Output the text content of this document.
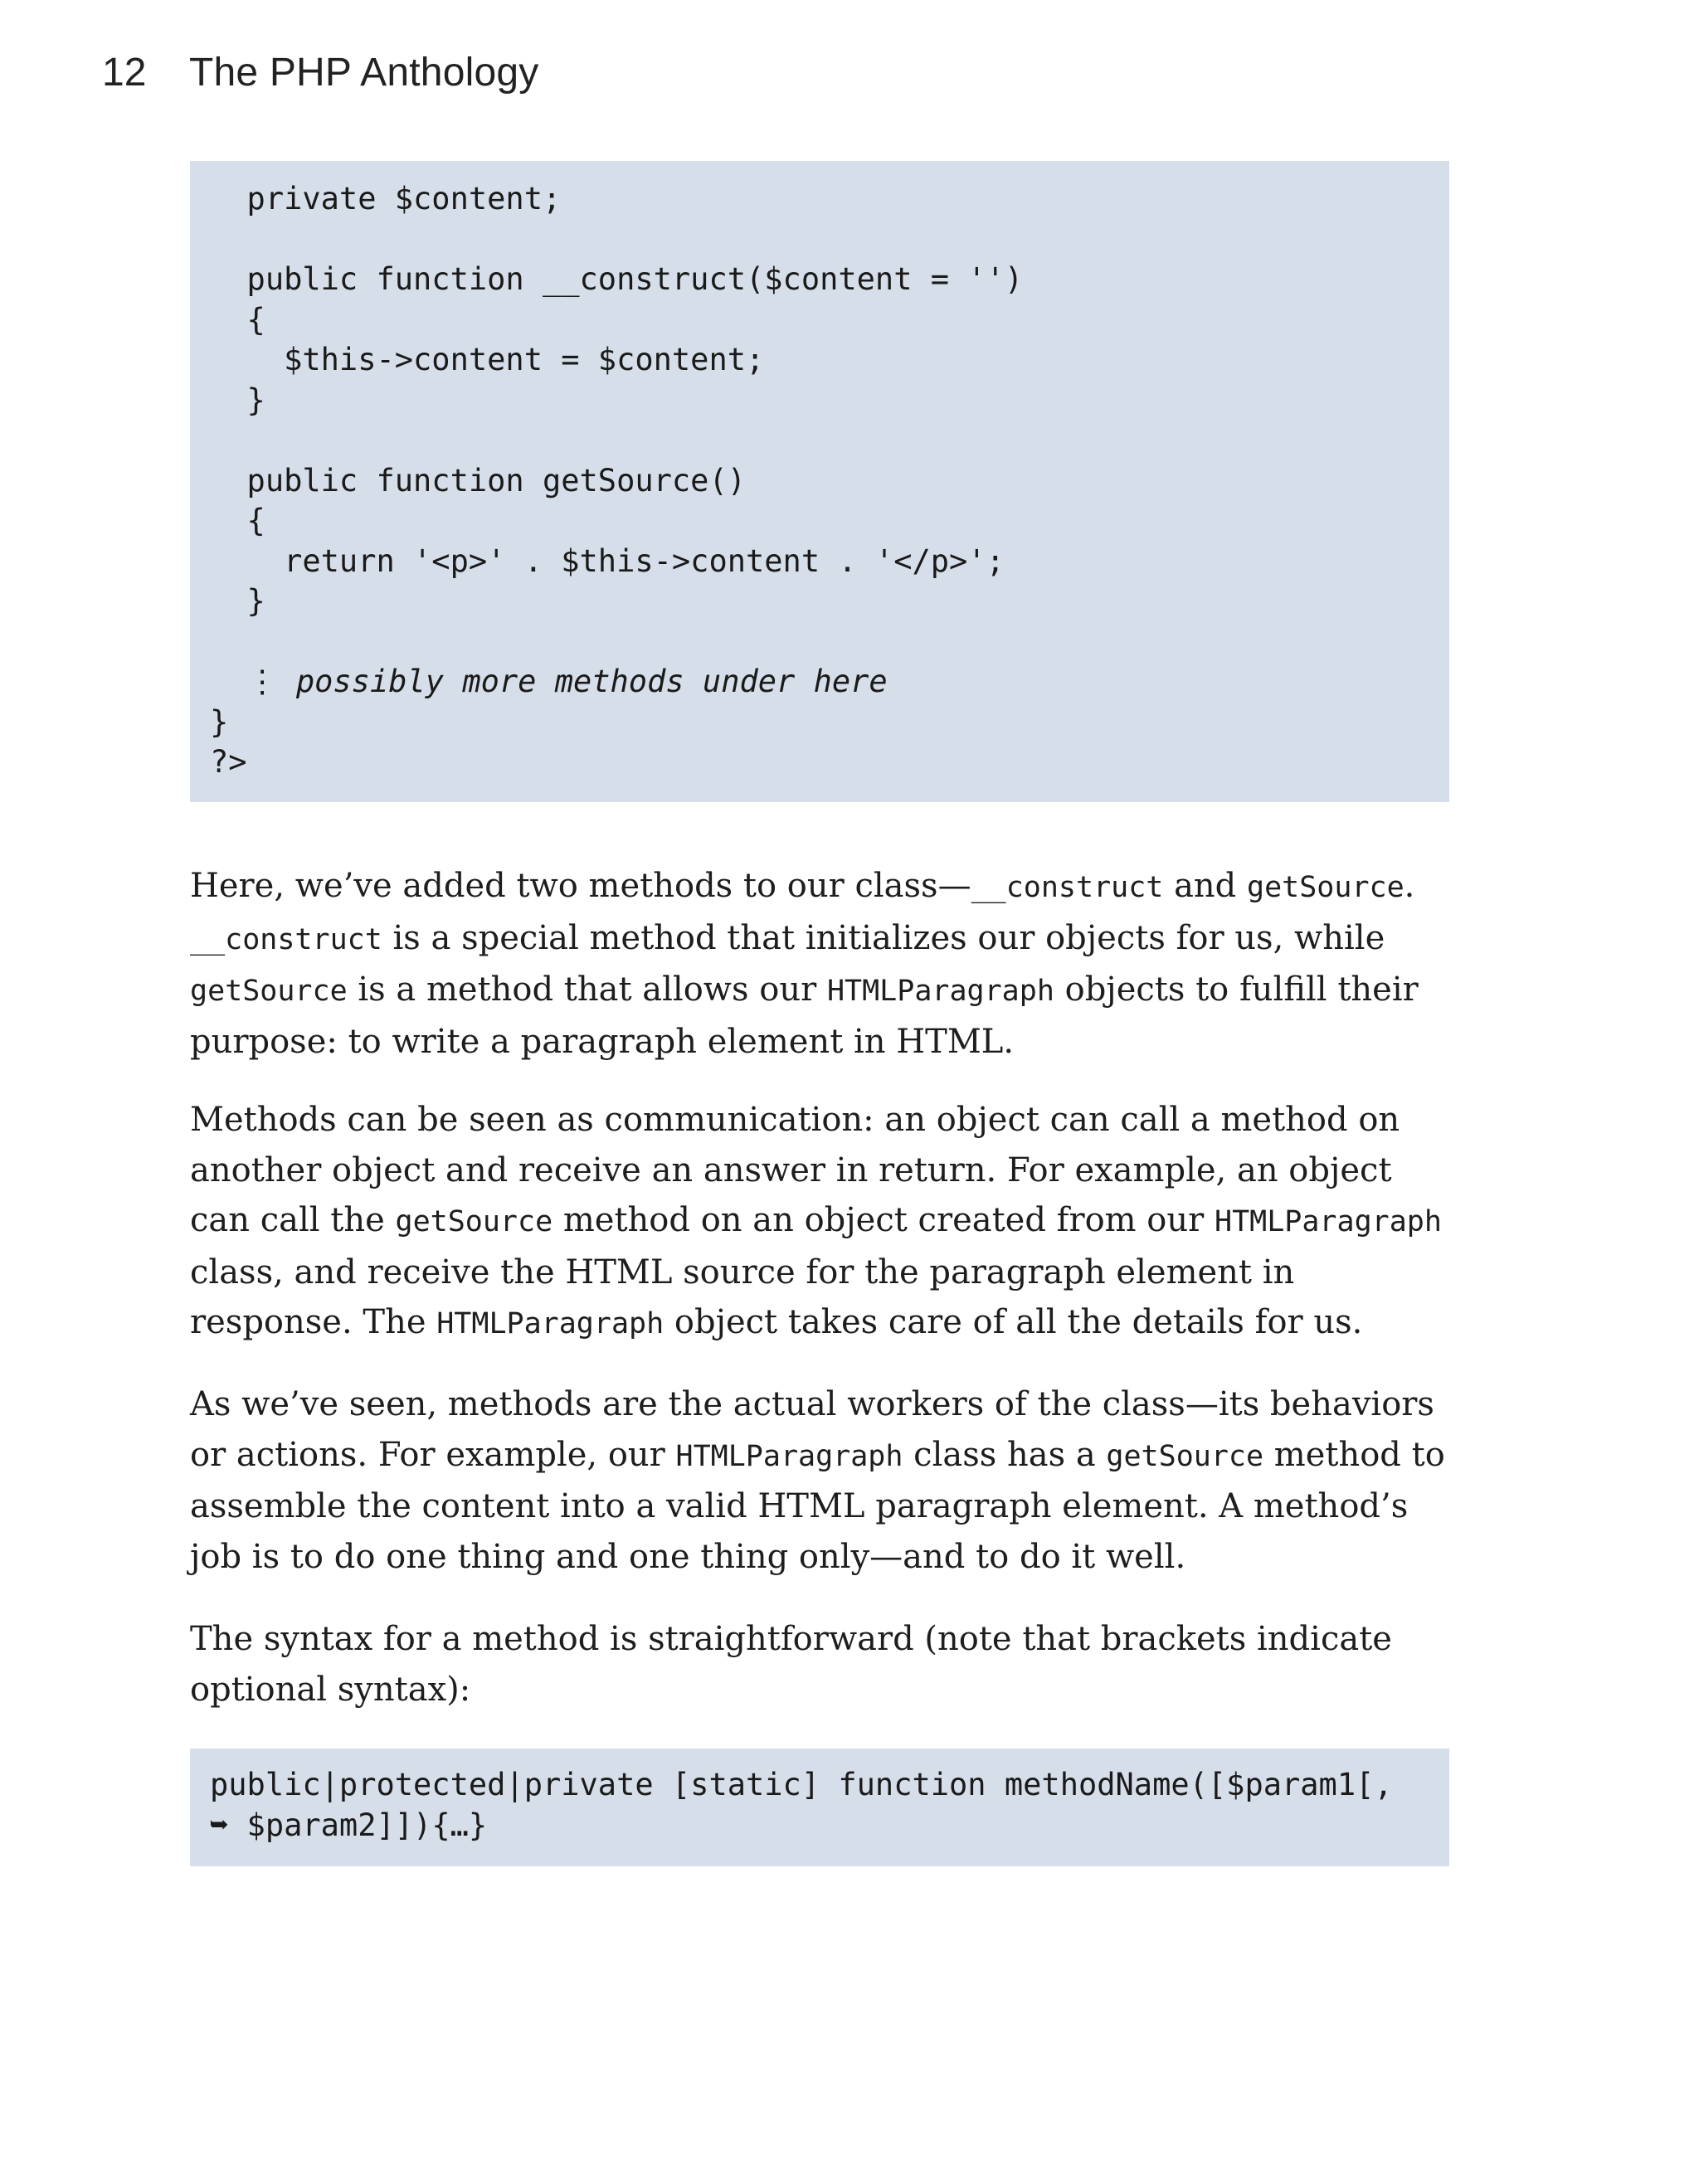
12	The PHP Anthology
private $content;
public function __construct($content = '')
{
$this->content = $content;
}
public function getSource()
{
return '<p>' . $this->content . '</p>';
}
⋮ possibly more methods under here
}
?>

Here, we’ve added two methods to our class—__construct and getSource. __construct is a special method that initializes our objects for us, while getSource is a method that allows our HTMLParagraph objects to fulfill their purpose: to write a paragraph element in HTML.

Methods can be seen as communication: an object can call a method on another object and receive an answer in return. For example, an object can call the getSource method on an object created from our HTMLParagraph class, and receive the HTML source for the paragraph element in response. The HTMLParagraph object takes care of all the details for us.

As we’ve seen, methods are the actual workers of the class—its behaviors or actions. For example, our HTMLParagraph class has a getSource method to assemble the content into a valid HTML paragraph element. A method’s job is to do one thing and one thing only—and to do it well.

The syntax for a method is straightforward (note that brackets indicate optional syntax):

public|protected|private [static] function methodName([$param1[,
➥ $param2]]){…}
